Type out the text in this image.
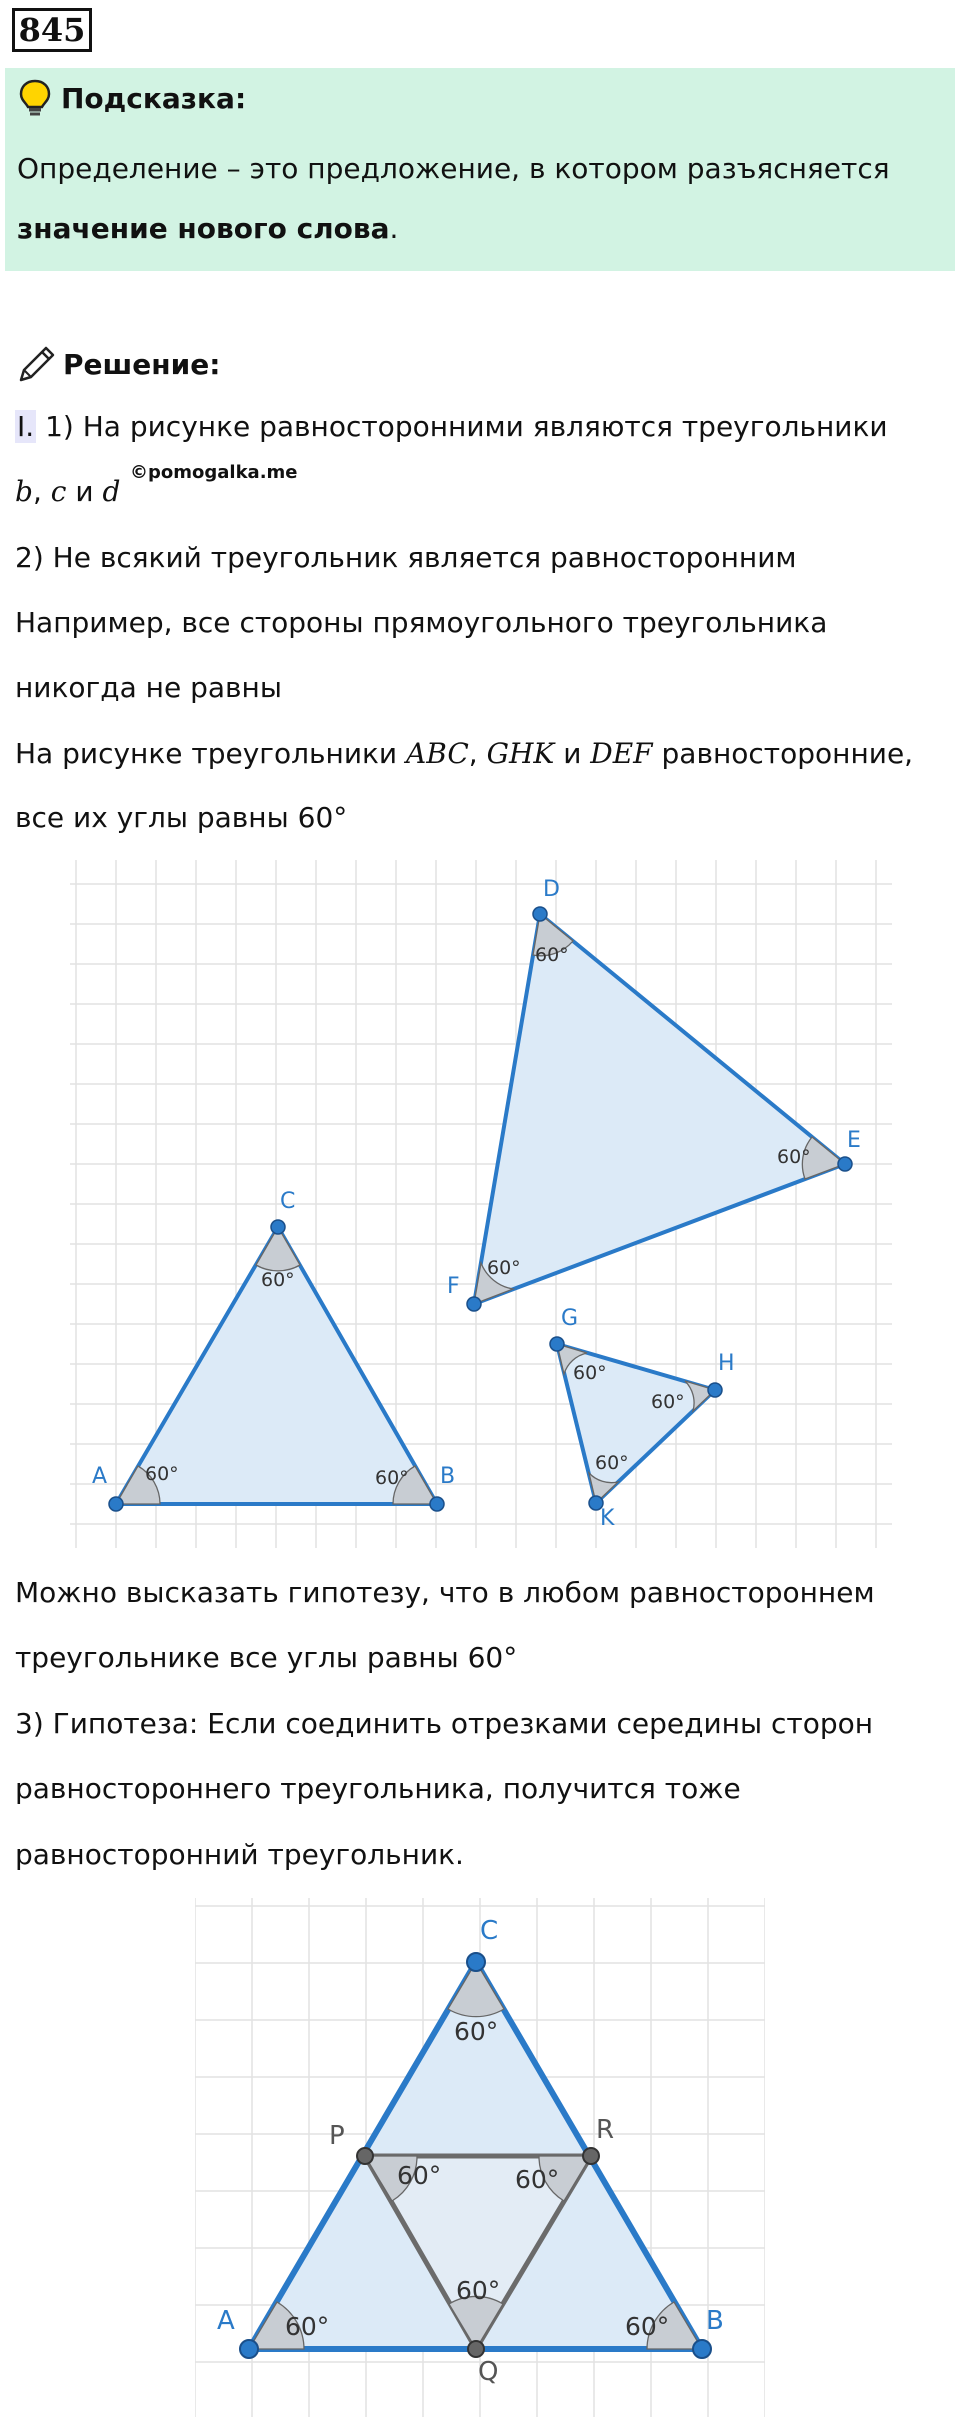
845
Подсказка:
Определение – это предложение, в котором разъясняется
значение нового слова.
Решение:
I. 1) На рисунке равносторонними являются треугольники
b, c и d
©pomogalka.me
2) Не всякий треугольник является равносторонним
Например, все стороны прямоугольного треугольника
никогда не равны
На рисунке треугольники ABC, GHK и DEF равносторонние,
все их углы равны 60°
A	B
C
D
E
F
G
H
K
60°	60°
60°
60°
60°
60°
60°
60°
60°
Можно высказать гипотезу, что в любом равностороннем
треугольнике все углы равны 60°
3) Гипотеза: Если соединить отрезками середины сторон
равностороннего треугольника, получится тоже
равносторонний треугольник.
A	B
C
P
Q
R
60°	60°
60°
60°	60°
60°
